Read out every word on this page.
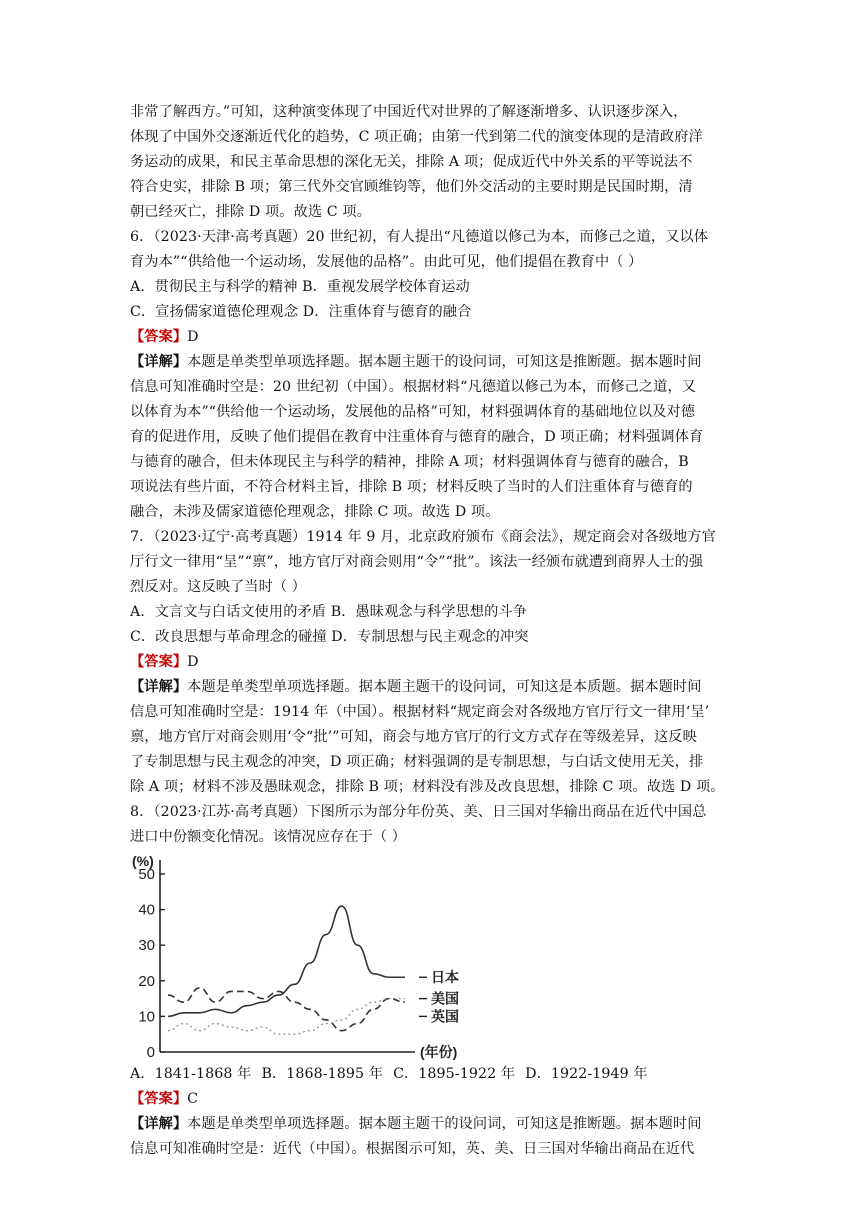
非常了解西方。”可知，这种演变体现了中国近代对世界的了解逐渐增多、认识逐步深入，
体现了中国外交逐渐近代化的趋势，C 项正确；由第一代到第二代的演变体现的是清政府洋
务运动的成果，和民主革命思想的深化无关，排除 A 项；促成近代中外关系的平等说法不
符合史实，排除 B 项；第三代外交官顾维钧等，他们外交活动的主要时期是民国时期，清
朝已经灭亡，排除 D 项。故选 C 项。
6．（2023·天津·高考真题）20 世纪初，有人提出“凡德道以修己为本，而修己之道，又以体
育为本”“供给他一个运动场，发展他的品格”。由此可见，他们提倡在教育中（ ）
A．贯彻民主与科学的精神 B．重视发展学校体育运动
C．宣扬儒家道德伦理观念 D．注重体育与德育的融合
【答案】D
【详解】本题是单类型单项选择题。据本题主题干的设问词，可知这是推断题。据本题时间
信息可知准确时空是：20 世纪初（中国）。根据材料“凡德道以修己为本，而修己之道，又
以体育为本”“供给他一个运动场，发展他的品格”可知，材料强调体育的基础地位以及对德
育的促进作用，反映了他们提倡在教育中注重体育与德育的融合，D 项正确；材料强调体育
与德育的融合，但未体现民主与科学的精神，排除 A 项；材料强调体育与德育的融合，B
项说法有些片面，不符合材料主旨，排除 B 项；材料反映了当时的人们注重体育与德育的
融合，未涉及儒家道德伦理观念，排除 C 项。故选 D 项。
7．（2023·辽宁·高考真题）1914 年 9 月，北京政府颁布《商会法》，规定商会对各级地方官
厅行文一律用“呈”“禀”，地方官厅对商会则用“令”“批”。该法一经颁布就遭到商界人士的强
烈反对。这反映了当时（ ）
A．文言文与白话文使用的矛盾 B．愚昧观念与科学思想的斗争
C．改良思想与革命理念的碰撞 D．专制思想与民主观念的冲突
【答案】D
【详解】本题是单类型单项选择题。据本题主题干的设问词，可知这是本质题。据本题时间
信息可知准确时空是：1914 年（中国）。根据材料“规定商会对各级地方官厅行文一律用‘呈’
禀，地方官厅对商会则用‘令“批’”可知，商会与地方官厅的行文方式存在等级差异，这反映
了专制思想与民主观念的冲突，D 项正确；材料强调的是专制思想，与白话文使用无关，排
除 A 项；材料不涉及愚昧观念，排除 B 项；材料没有涉及改良思想，排除 C 项。故选 D 项。
8．（2023·江苏·高考真题）下图所示为部分年份英、美、日三国对华输出商品在近代中国总
进口中份额变化情况。该情况应存在于（ ）
0
10
20
30
40
50
(%)
(年份)
日本
美国
英国
A．1841-1868 年 B．1868-1895 年 C．1895-1922 年 D．1922-1949 年
【答案】C
【详解】本题是单类型单项选择题。据本题主题干的设问词，可知这是推断题。据本题时间
信息可知准确时空是：近代（中国）。根据图示可知，英、美、日三国对华输出商品在近代
